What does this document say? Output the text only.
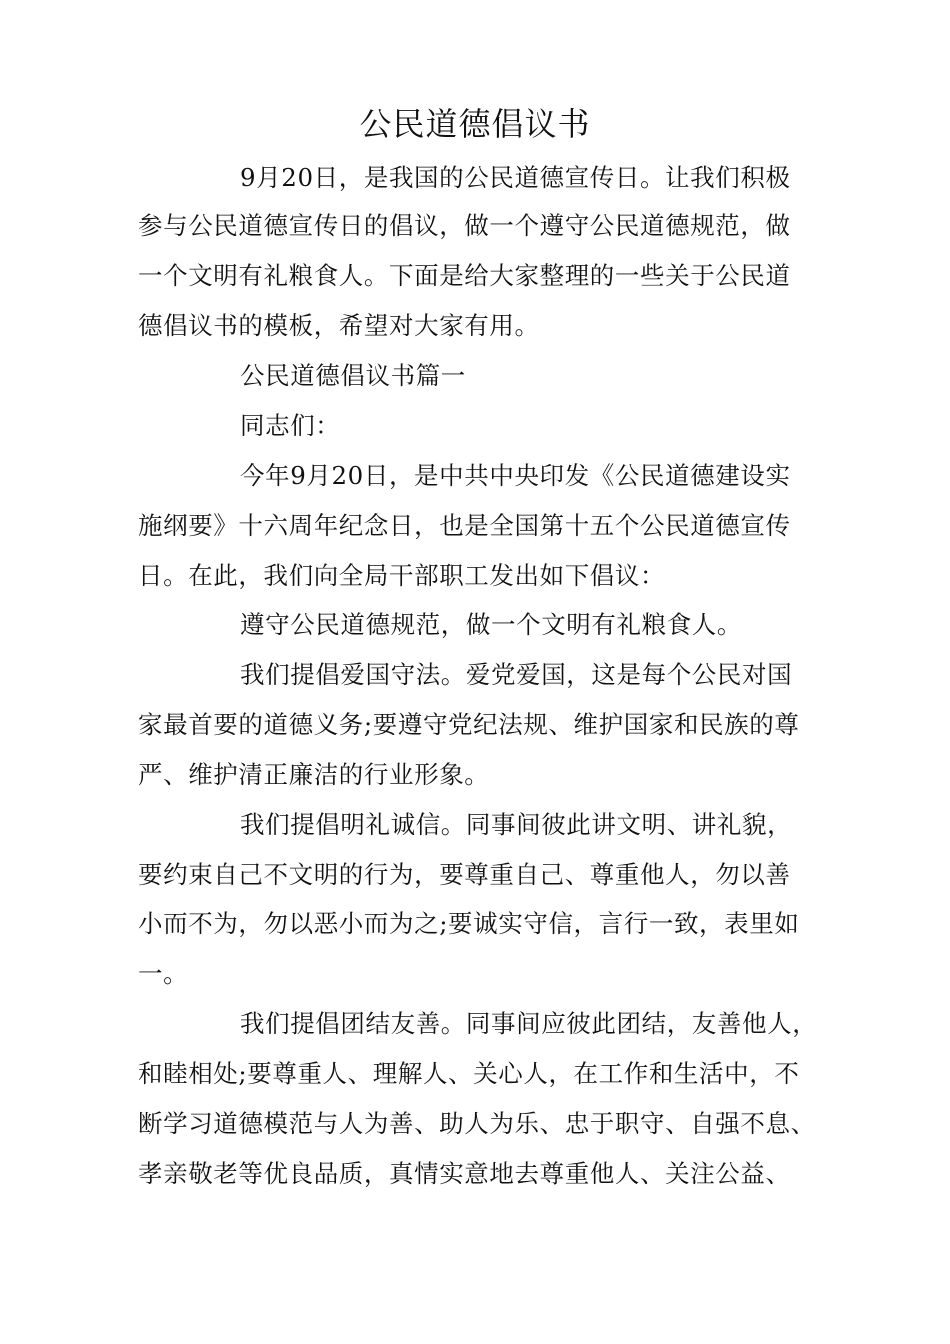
公民道德倡议书
9月20日，是我国的公民道德宣传日。让我们积极
参与公民道德宣传日的倡议，做一个遵守公民道德规范，做
一个文明有礼粮食人。下面是给大家整理的一些关于公民道
德倡议书的模板，希望对大家有用。
公民道德倡议书篇一
同志们：
今年9月20日，是中共中央印发《公民道德建设实
施纲要》十六周年纪念日，也是全国第十五个公民道德宣传
日。在此，我们向全局干部职工发出如下倡议：
遵守公民道德规范，做一个文明有礼粮食人。
我们提倡爱国守法。爱党爱国，这是每个公民对国
家最首要的道德义务;要遵守党纪法规、维护国家和民族的尊
严、维护清正廉洁的行业形象。
我们提倡明礼诚信。同事间彼此讲文明、讲礼貌，
要约束自己不文明的行为，要尊重自己、尊重他人，勿以善
小而不为，勿以恶小而为之;要诚实守信，言行一致，表里如
一。
我们提倡团结友善。同事间应彼此团结，友善他人，
和睦相处;要尊重人、理解人、关心人，在工作和生活中，不
断学习道德模范与人为善、助人为乐、忠于职守、自强不息、
孝亲敬老等优良品质，真情实意地去尊重他人、关注公益、
